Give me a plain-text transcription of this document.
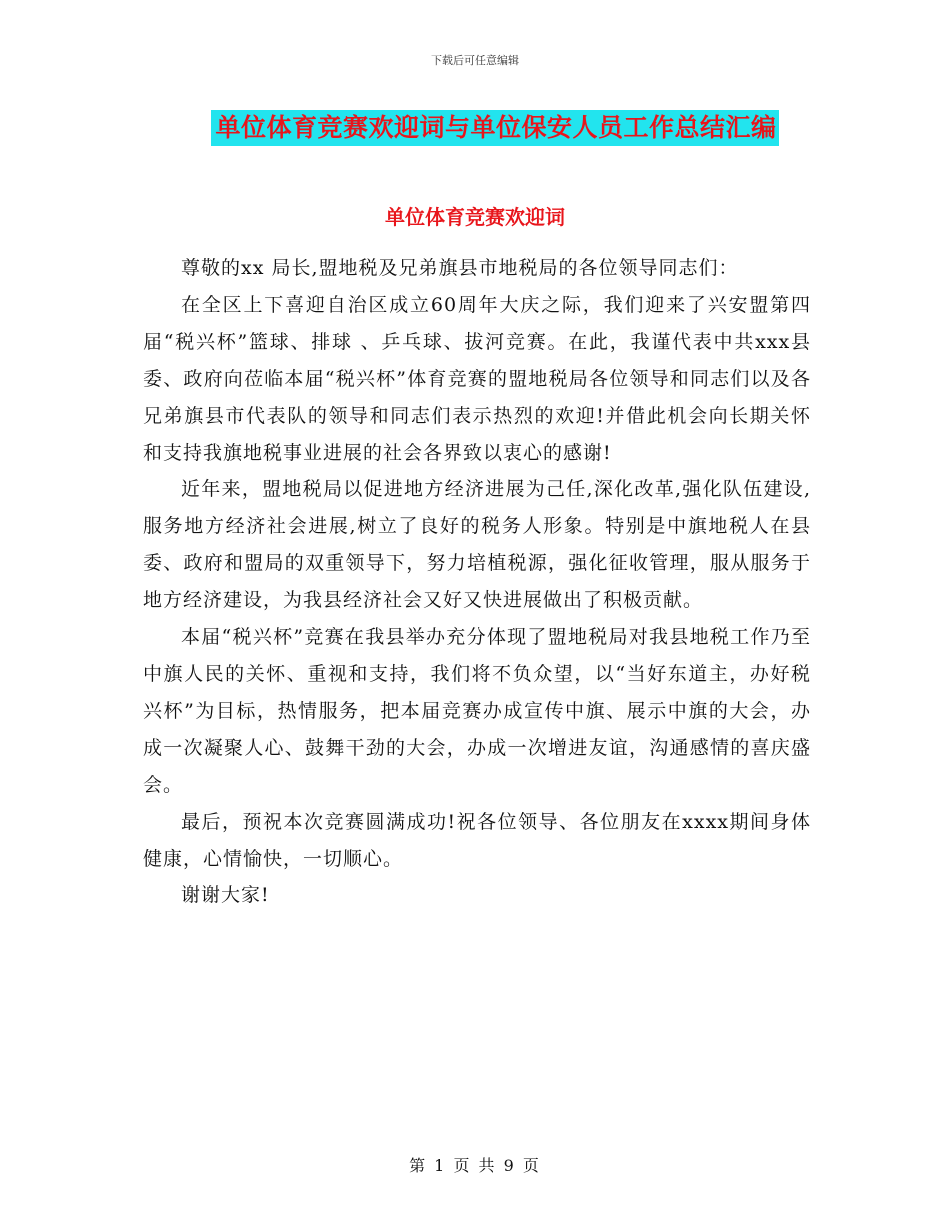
下载后可任意编辑
单位体育竞赛欢迎词与单位保安人员工作总结汇编
单位体育竞赛欢迎词

尊敬的xx 局长,盟地税及兄弟旗县市地税局的各位领导同志们：

在全区上下喜迎自治区成立60周年大庆之际，我们迎来了兴安盟第四届“税兴杯”篮球、排球 、乒乓球、拔河竞赛。在此，我谨代表中共xxx县委、政府向莅临本届“税兴杯”体育竞赛的盟地税局各位领导和同志们以及各兄弟旗县市代表队的领导和同志们表示热烈的欢迎!并借此机会向长期关怀和支持我旗地税事业进展的社会各界致以衷心的感谢!

近年来，盟地税局以促进地方经济进展为己任,深化改革,强化队伍建设,服务地方经济社会进展,树立了良好的税务人形象。特别是中旗地税人在县委、政府和盟局的双重领导下，努力培植税源，强化征收管理，服从服务于地方经济建设，为我县经济社会又好又快进展做出了积极贡献。

本届“税兴杯”竞赛在我县举办充分体现了盟地税局对我县地税工作乃至中旗人民的关怀、重视和支持，我们将不负众望，以“当好东道主，办好税兴杯”为目标，热情服务，把本届竞赛办成宣传中旗、展示中旗的大会，办成一次凝聚人心、鼓舞干劲的大会，办成一次增进友谊，沟通感情的喜庆盛会。

最后，预祝本次竞赛圆满成功!祝各位领导、各位朋友在xxxx期间身体健康，心情愉快，一切顺心。

谢谢大家!

第 1 页 共 9 页
